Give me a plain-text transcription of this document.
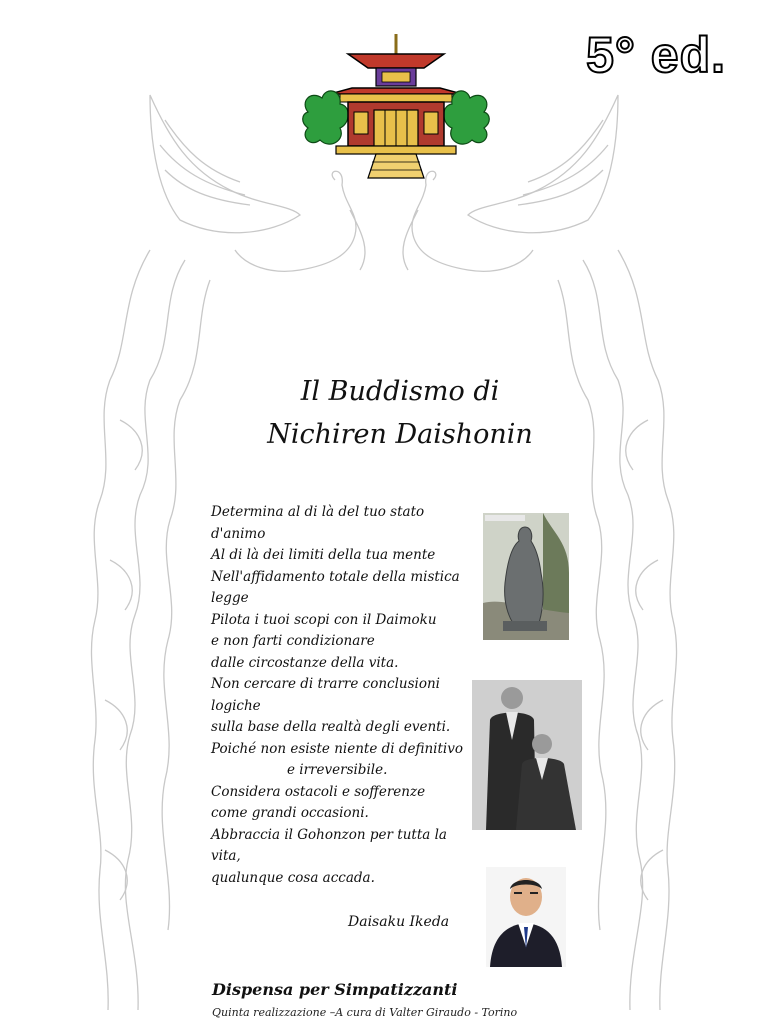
5° ed.
Il Buddismo di
Nichiren Daishonin
Determina al di là del tuo stato
d'animo
Al di là dei limiti della tua mente
Nell'affidamento totale della mistica
legge
Pilota i tuoi scopi con il Daimoku
e non farti condizionare
dalle circostanze della vita.
Non cercare di trarre conclusioni
logiche
sulla base della realtà degli eventi.
Poiché non esiste niente di definitivo
e irreversibile.
Considera ostacoli e sofferenze
come grandi occasioni.
Abbraccia il Gohonzon per tutta la
vita,
qualunque cosa accada.
Daisaku Ikeda
Dispensa per Simpatizzanti
Quinta realizzazione –A cura di Valter Giraudo - Torino
